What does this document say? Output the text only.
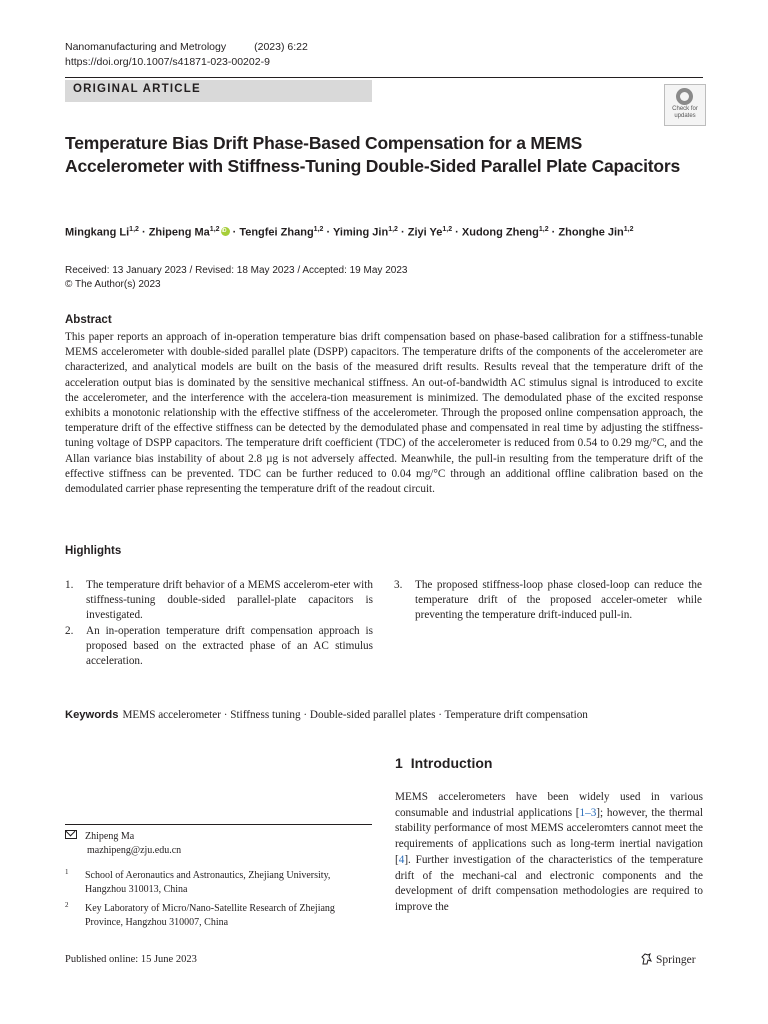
Nanomanufacturing and Metrology	(2023) 6:22
https://doi.org/10.1007/s41871-023-00202-9
ORIGINAL ARTICLE
Check for updates
Temperature Bias Drift Phase-Based Compensation for a MEMS Accelerometer with Stiffness-Tuning Double-Sided Parallel Plate Capacitors
Mingkang Li$^{1,2}$ · Zhipeng Ma$^{1,2}$iD · Tengfei Zhang$^{1,2}$ · Yiming Jin$^{1,2}$ · Ziyi Ye$^{1,2}$ · Xudong Zheng$^{1,2}$ · Zhonghe Jin$^{1,2}$
Received: 13 January 2023 / Revised: 18 May 2023 / Accepted: 19 May 2023
© The Author(s) 2023
Abstract
This paper reports an approach of in-operation temperature bias drift compensation based on phase-based calibration for a stiffness-tunable MEMS accelerometer with double-sided parallel plate (DSPP) capacitors. The temperature drifts of the components of the accelerometer are characterized, and analytical models are built on the basis of the measured drift results. Results reveal that the temperature drift of the acceleration output bias is dominated by the sensitive mechanical stiffness. An out-of-bandwidth AC stimulus signal is introduced to excite the accelerometer, and the interference with the accelera-tion measurement is minimized. The demodulated phase of the excited response exhibits a monotonic relationship with the effective stiffness of the accelerometer. Through the proposed online compensation approach, the temperature drift of the effective stiffness can be detected by the demodulated phase and compensated in real time by adjusting the stiffness-tuning voltage of DSPP capacitors. The temperature drift coefficient (TDC) of the accelerometer is reduced from 0.54 to 0.29 mg/°C, and the Allan variance bias instability of about 2.8 µg is not adversely affected. Meanwhile, the pull-in resulting from the temperature drift of the effective stiffness can be prevented. TDC can be further reduced to 0.04 mg/°C through an additional offline calibration based on the demodulated carrier phase representing the temperature drift of the readout circuit.
Highlights

1. The temperature drift behavior of a MEMS accelerom-eter with stiffness-tuning double-sided parallel-plate capacitors is investigated.

2. An in-operation temperature drift compensation approach is proposed based on the extracted phase of an AC stimulus acceleration.

3. The proposed stiffness-loop phase closed-loop can reduce the temperature drift of the proposed acceler-ometer while preventing the temperature drift-induced pull-in.

Keywords MEMS accelerometer · Stiffness tuning · Double-sided parallel plates · Temperature drift compensation
1 Introduction
MEMS accelerometers have been widely used in various consumable and industrial applications [1–3]; however, the thermal stability performance of most MEMS acceleromters cannot meet the requirements of applications such as long-term inertial navigation [4]. Further investigation of the characteristics of the temperature drift of the mechani-cal and electronic components and the development of drift compensation methodologies are required to improve the
Zhipeng Ma
mazhipeng@zju.edu.cn
1 School of Aeronautics and Astronautics, Zhejiang University, Hangzhou 310013, China
2 Key Laboratory of Micro/Nano-Satellite Research of Zhejiang Province, Hangzhou 310007, China
Published online: 15 June 2023	Springer
